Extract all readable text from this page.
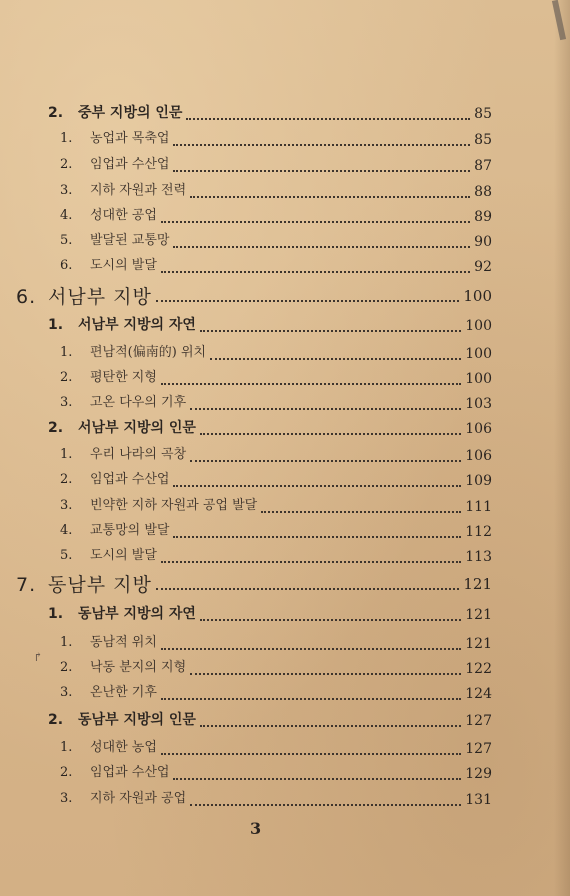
2. 중부 지방의 인문	85
1. 농업과 목축업	85
2. 임업과 수산업	87
3. 지하 자원과 전력	88
4. 성대한 공업	89
5. 발달된 교통망	90
6. 도시의 발달	92
6. 서남부 지방	100
1. 서남부 지방의 자연	100
1. 편남적(偏南的) 위치	100
2. 평탄한 지형	100
3. 고온 다우의 기후	103
2. 서남부 지방의 인문	106
1. 우리 나라의 곡창	106
2. 임업과 수산업	109
3. 빈약한 지하 자원과 공업 발달	111
4. 교통망의 발달	112
5. 도시의 발달	113
7. 동남부 지방	121
1. 동남부 지방의 자연	121
1. 동남적 위치	121
2. 낙동 분지의 지형	122
3. 온난한 기후	124
2. 동남부 지방의 인문	127
1. 성대한 농업	127
2. 임업과 수산업	129
3. 지하 자원과 공업	131
↱
3
